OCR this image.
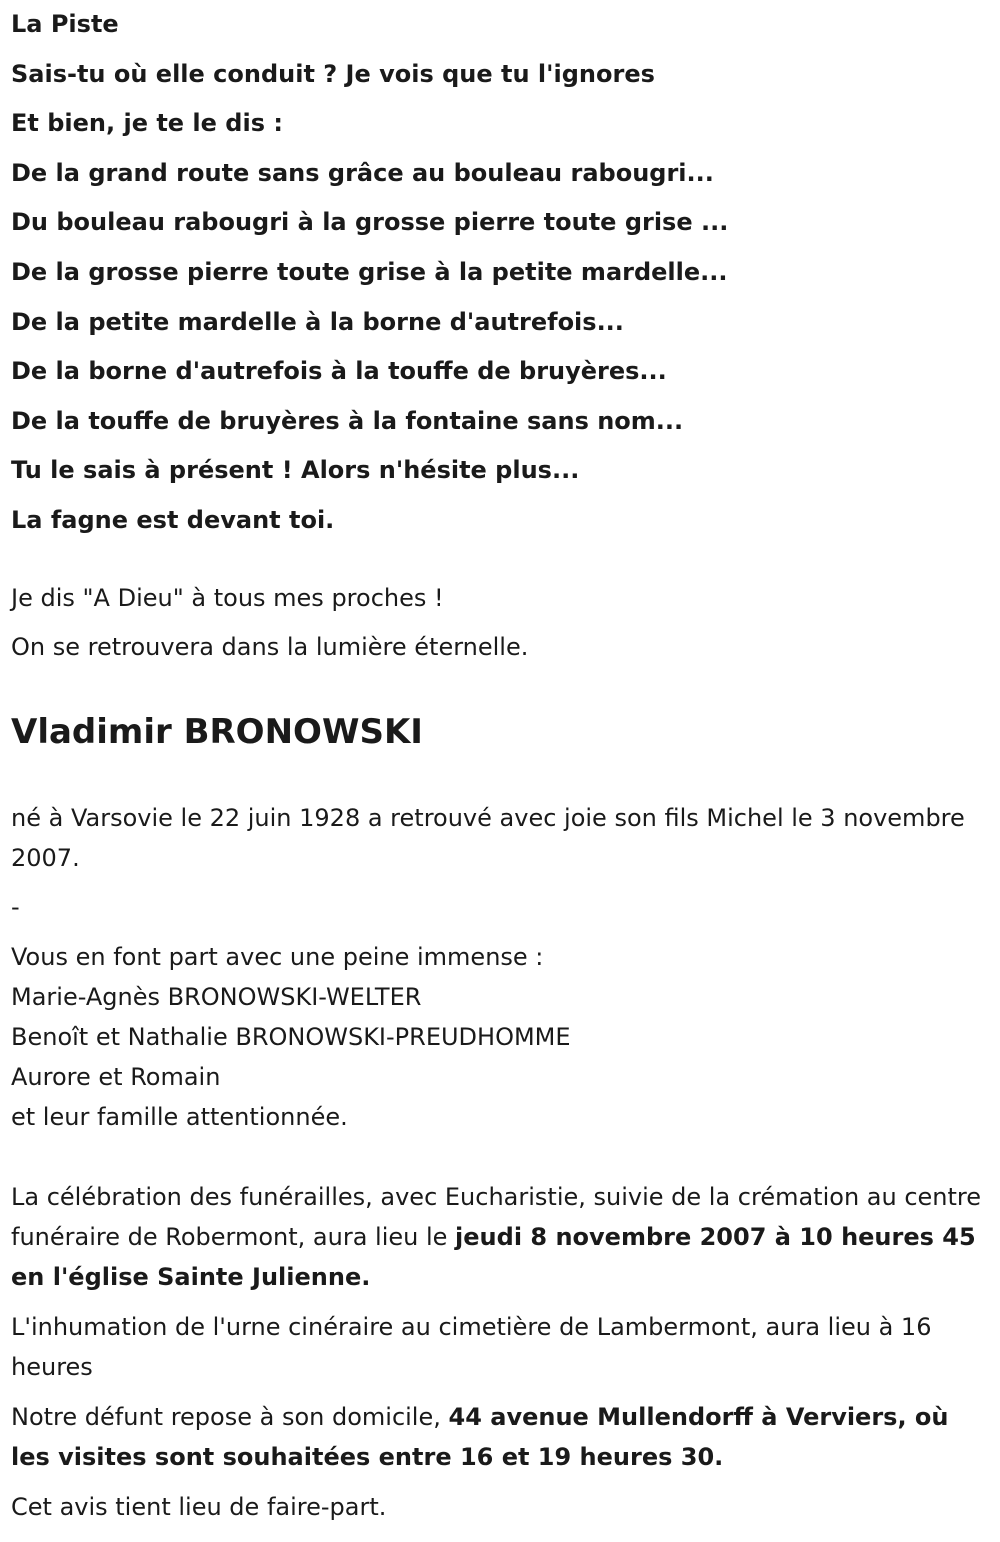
La Piste

Sais-tu où elle conduit ? Je vois que tu l'ignores

Et bien, je te le dis :

De la grand route sans grâce au bouleau rabougri...

Du bouleau rabougri à la grosse pierre toute grise ...

De la grosse pierre toute grise à la petite mardelle...

De la petite mardelle à la borne d'autrefois...

De la borne d'autrefois à la touffe de bruyères...

De la touffe de bruyères à la fontaine sans nom...

Tu le sais à présent ! Alors n'hésite plus...

La fagne est devant toi.

Je dis "A Dieu" à tous mes proches !

On se retrouvera dans la lumière éternelle.

Vladimir BRONOWSKI

né à Varsovie le 22 juin 1928 a retrouvé avec joie son fils Michel le 3 novembre 2007.

-

Vous en font part avec une peine immense :
Marie-Agnès BRONOWSKI-WELTER
Benoît et Nathalie BRONOWSKI-PREUDHOMME
Aurore et Romain
et leur famille attentionnée.

La célébration des funérailles, avec Eucharistie, suivie de la crémation au centre funéraire de Robermont, aura lieu le jeudi 8 novembre 2007 à 10 heures 45 en l'église Sainte Julienne.

L'inhumation de l'urne cinéraire au cimetière de Lambermont, aura lieu à 16 heures

Notre défunt repose à son domicile, 44 avenue Mullendorff à Verviers, où les visites sont souhaitées entre 16 et 19 heures 30.

Cet avis tient lieu de faire-part.
